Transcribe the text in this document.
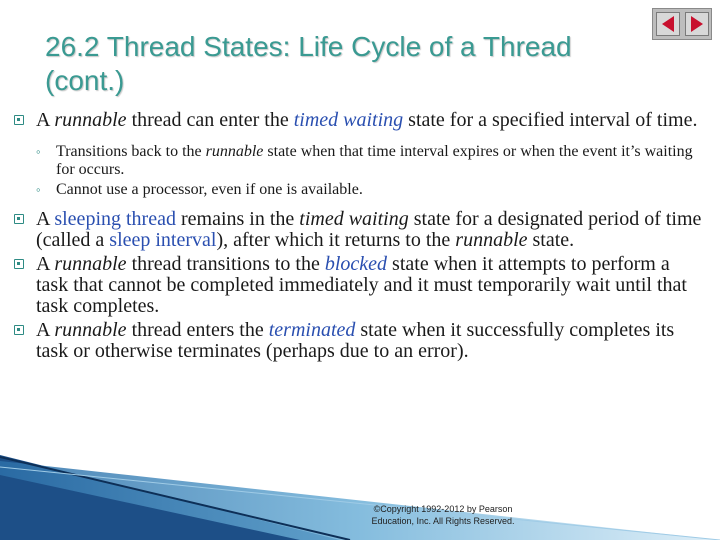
26.2 Thread States: Life Cycle of a Thread (cont.)
A runnable thread can enter the timed waiting state for a specified interval of time.
◦ Transitions back to the runnable state when that time interval expires or when the event it’s waiting for occurs.
◦ Cannot use a processor, even if one is available.
A sleeping thread remains in the timed waiting state for a designated period of time (called a sleep interval), after which it returns to the runnable state.
A runnable thread transitions to the blocked state when it attempts to perform a task that cannot be completed immediately and it must temporarily wait until that task completes.
A runnable thread enters the terminated state when it successfully completes its task or otherwise terminates (perhaps due to an error).
©Copyright 1992-2012 by Pearson
Education, Inc. All Rights Reserved.
